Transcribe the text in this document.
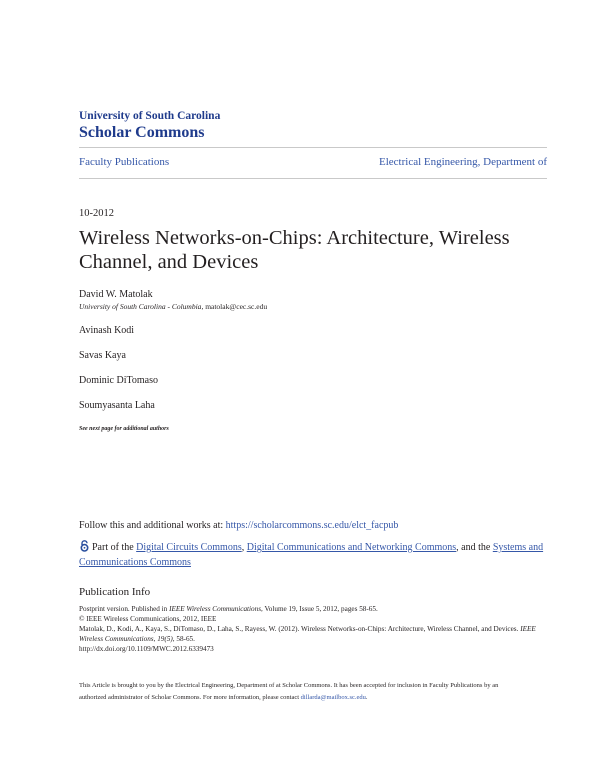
University of South Carolina

Scholar Commons

Faculty Publications	Electrical Engineering, Department of
10-2012
Wireless Networks-on-Chips: Architecture, Wireless Channel, and Devices

David W. Matolak

University of South Carolina - Columbia, matolak@cec.sc.edu

Avinash Kodi

Savas Kaya

Dominic DiTomaso

Soumyasanta Laha

See next page for additional authors
Follow this and additional works at: https://scholarcommons.sc.edu/elct_facpub
Part of the Digital Circuits Commons, Digital Communications and Networking Commons, and the Systems and Communications Commons
Publication Info

Postprint version. Published in IEEE Wireless Communications, Volume 19, Issue 5, 2012, pages 58-65.

© IEEE Wireless Communications, 2012, IEEE

Matolak, D., Kodi, A., Kaya, S., DiTomaso, D., Laha, S., Rayess, W. (2012). Wireless Networks-on-Chips: Architecture, Wireless Channel, and Devices. IEEE Wireless Communications, 19(5), 58-65.

http://dx.doi.org/10.1109/MWC.2012.6339473

This Article is brought to you by the Electrical Engineering, Department of at Scholar Commons. It has been accepted for inclusion in Faculty Publications by an authorized administrator of Scholar Commons. For more information, please contact dillarda@mailbox.sc.edu.
